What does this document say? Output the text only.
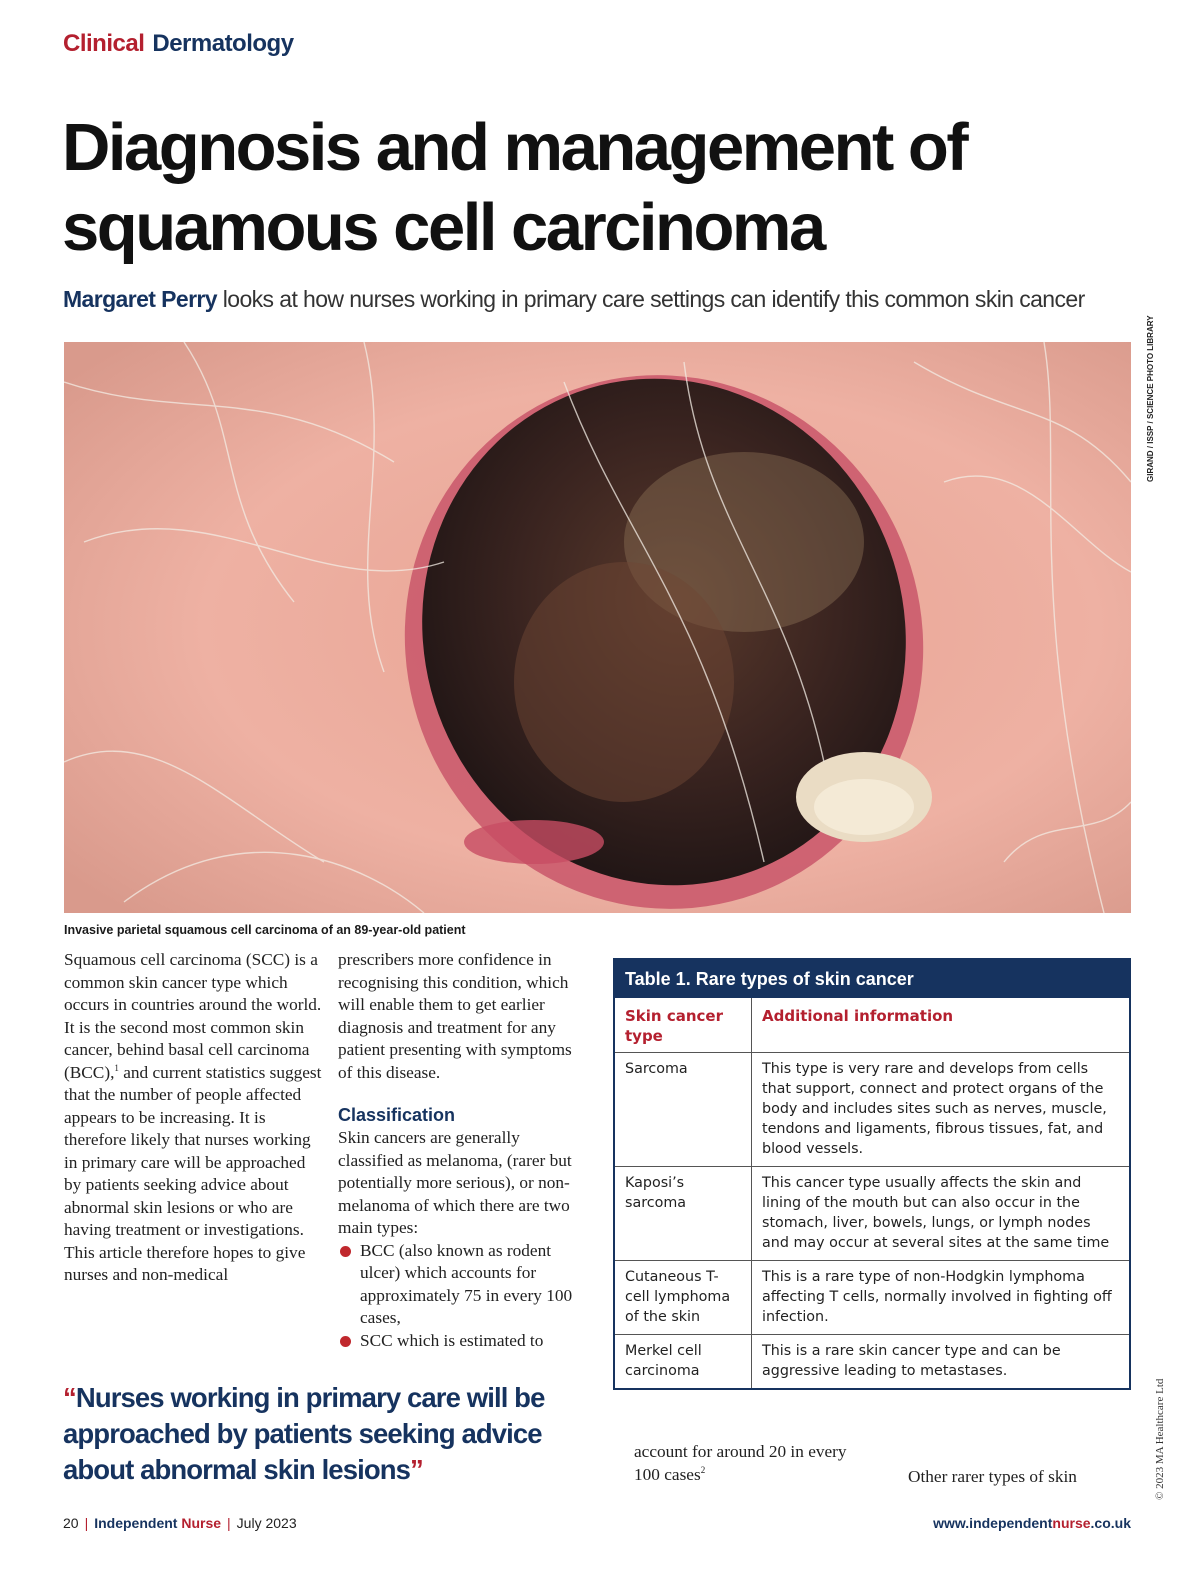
Clinical Dermatology
Diagnosis and management of
squamous cell carcinoma
Margaret Perry looks at how nurses working in primary care settings can identify this common skin cancer
GIRAND / ISSP / SCIENCE PHOTO LIBRARY
Invasive parietal squamous cell carcinoma of an 89-year-old patient

Squamous cell carcinoma (SCC) is a common skin cancer type which occurs in countries around the world. It is the second most common skin cancer, behind basal cell carcinoma (BCC),$^1$ and current statistics suggest that the number of people affected appears to be increasing. It is therefore likely that nurses working in primary care will be approached by patients seeking advice about abnormal skin lesions or who are having treatment or investigations. This article therefore hopes to give nurses and non-medical

prescribers more confidence in recognising this condition, which will enable them to get earlier diagnosis and treatment for any patient presenting with symptoms of this disease.

Classification

Skin cancers are generally classified as melanoma, (rarer but potentially more serious), or non-melanoma of which there are two main types:

BCC (also known as rodent ulcer) which accounts for approximately 75 in every 100 cases,
SCC which is estimated to

“Nurses working in primary care will be approached by patients seeking advice about abnormal skin lesions”

Table 1. Rare types of skin cancer
Skin cancer type	Additional information
Sarcoma	This type is very rare and develops from cells that support, connect and protect organs of the body and includes sites such as nerves, muscle, tendons and ligaments, fibrous tissues, fat, and blood vessels.
Kaposi’s sarcoma	This cancer type usually affects the skin and lining of the mouth but can also occur in the stomach, liver, bowels, lungs, or lymph nodes and may occur at several sites at the same time
Cutaneous T-cell lymphoma of the skin	This is a rare type of non-Hodgkin lymphoma affecting T cells, normally involved in fighting off infection.
Merkel cell carcinoma	This is a rare skin cancer type and can be aggressive leading to metastases.
account for around 20 in every 100 cases$^2$	Other rarer types of skin	© 2023 MA Healthcare Ltd
20 | Independent Nurse | July 2023	www.independentnurse.co.uk
